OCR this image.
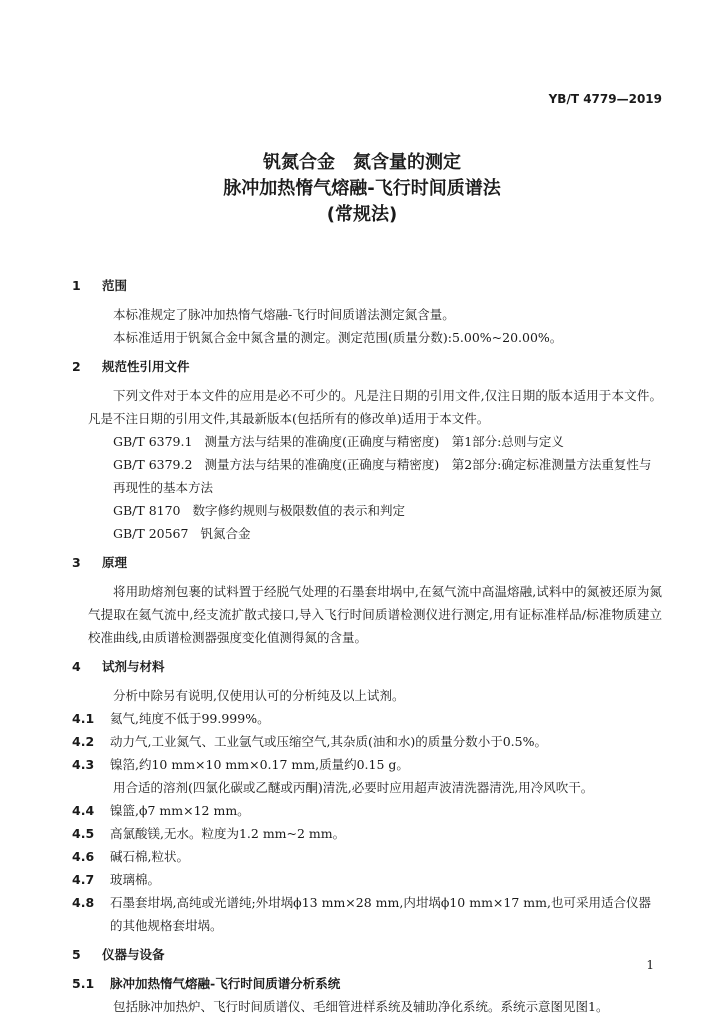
YB/T 4779—2019
钒氮合金 氮含量的测定
脉冲加热惰气熔融-飞行时间质谱法
(常规法)
1	范围
本标准规定了脉冲加热惰气熔融-飞行时间质谱法测定氮含量。
本标准适用于钒氮合金中氮含量的测定。测定范围(质量分数):5.00%~20.00%。
2	规范性引用文件
下列文件对于本文件的应用是必不可少的。凡是注日期的引用文件,仅注日期的版本适用于本文件。凡是不注日期的引用文件,其最新版本(包括所有的修改单)适用于本文件。
GB/T 6379.1 测量方法与结果的准确度(正确度与精密度)　第1部分:总则与定义
GB/T 6379.2 测量方法与结果的准确度(正确度与精密度)　第2部分:确定标准测量方法重复性与再现性的基本方法
GB/T 8170 数字修约规则与极限数值的表示和判定
GB/T 20567 钒氮合金
3	原理
将用助熔剂包裹的试料置于经脱气处理的石墨套坩埚中,在氦气流中高温熔融,试料中的氮被还原为氮气提取在氦气流中,经支流扩散式接口,导入飞行时间质谱检测仪进行测定,用有证标准样品/标准物质建立校准曲线,由质谱检测器强度变化值测得氮的含量。
4	试剂与材料
分析中除另有说明,仅使用认可的分析纯及以上试剂。
4.1	氦气,纯度不低于99.999%。
4.2	动力气,工业氮气、工业氩气或压缩空气,其杂质(油和水)的质量分数小于0.5%。
4.3	镍箔,约10 mm×10 mm×0.17 mm,质量约0.15 g。
用合适的溶剂(四氯化碳或乙醚或丙酮)清洗,必要时应用超声波清洗器清洗,用冷风吹干。
4.4	镍篮,ϕ7 mm×12 mm。
4.5	高氯酸镁,无水。粒度为1.2 mm~2 mm。
4.6	碱石棉,粒状。
4.7	玻璃棉。
4.8	石墨套坩埚,高纯或光谱纯;外坩埚ϕ13 mm×28 mm,内坩埚ϕ10 mm×17 mm,也可采用适合仪器的其他规格套坩埚。
5	仪器与设备
5.1	脉冲加热惰气熔融-飞行时间质谱分析系统
包括脉冲加热炉、飞行时间质谱仪、毛细管进样系统及辅助净化系统。系统示意图见图1。
1
